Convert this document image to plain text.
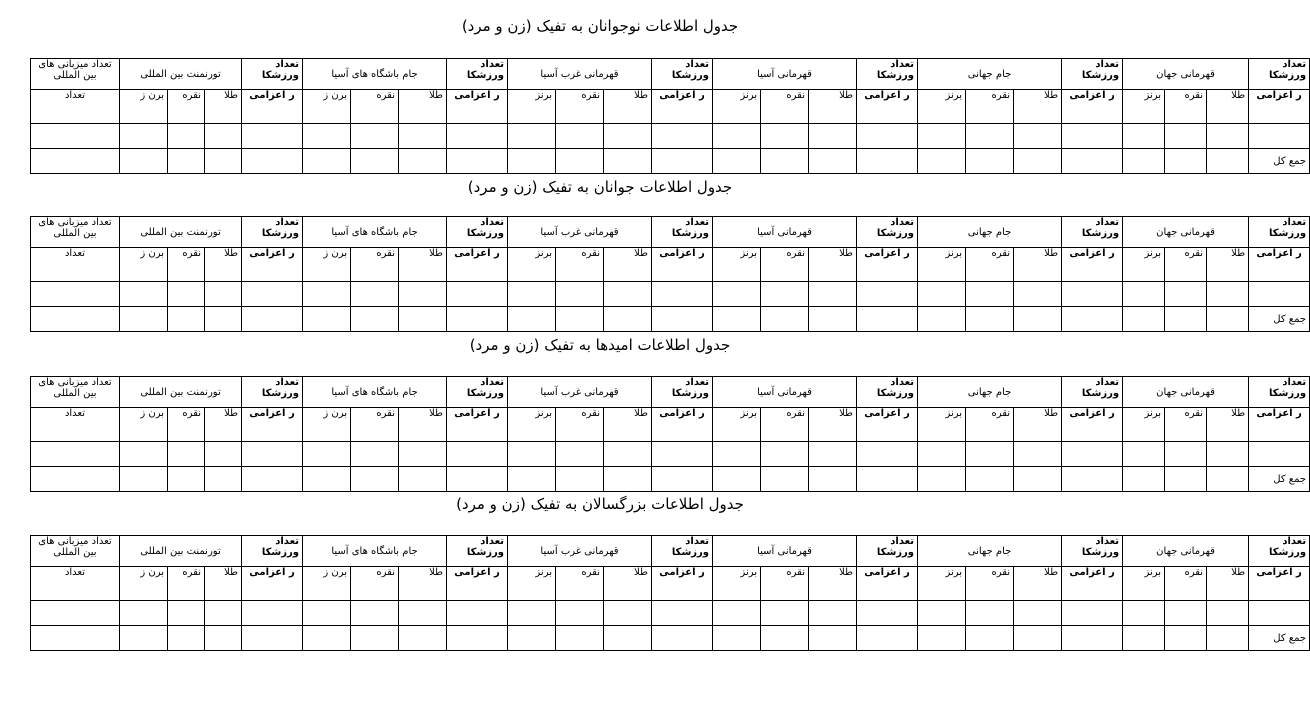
جدول اطلاعات نوجوانان به تفیک (زن و مرد)
تعداد ورزشکا	قهرمانی جهان			تعداد ورزشکا	جام جهانی			تعداد ورزشکا	قهرمانی آسیا			تعداد ورزشکا	قهرمانی غرب آسیا			تعداد ورزشکا	جام باشگاه های آسیا			تعداد ورزشکا	تورنمنت بین المللی			تعداد میزبانی های بین المللی
ر اعزامی	طلا	نقره	برنز	ر اعزامی	طلا	نقره	برنز	ر اعزامی	طلا	نقره	برنز	ر اعزامی	طلا	نقره	برنز	ر اعزامی	طلا	نقره	برن ز	ر اعزامی	طلا	نقره	برن ز	تعداد

جمع کل																								
جدول اطلاعات جوانان به تفیک (زن و مرد)
تعداد ورزشکا	قهرمانی جهان			تعداد ورزشکا	جام جهانی			تعداد ورزشکا	قهرمانی آسیا			تعداد ورزشکا	قهرمانی غرب آسیا			تعداد ورزشکا	جام باشگاه های آسیا			تعداد ورزشکا	تورنمنت بین المللی			تعداد میزبانی های بین المللی
ر اعزامی	طلا	نقره	برنز	ر اعزامی	طلا	نقره	برنز	ر اعزامی	طلا	نقره	برنز	ر اعزامی	طلا	نقره	برنز	ر اعزامی	طلا	نقره	برن ز	ر اعزامی	طلا	نقره	برن ز	تعداد

جمع کل																								
جدول اطلاعات امیدها به تفیک (زن و مرد)
تعداد ورزشکا	قهرمانی جهان			تعداد ورزشکا	جام جهانی			تعداد ورزشکا	قهرمانی آسیا			تعداد ورزشکا	قهرمانی غرب آسیا			تعداد ورزشکا	جام باشگاه های آسیا			تعداد ورزشکا	تورنمنت بین المللی			تعداد میزبانی های بین المللی
ر اعزامی	طلا	نقره	برنز	ر اعزامی	طلا	نقره	برنز	ر اعزامی	طلا	نقره	برنز	ر اعزامی	طلا	نقره	برنز	ر اعزامی	طلا	نقره	برن ز	ر اعزامی	طلا	نقره	برن ز	تعداد

جمع کل																								
جدول اطلاعات بزرگسالان به تفیک (زن و مرد)
تعداد ورزشکا	قهرمانی جهان			تعداد ورزشکا	جام جهانی			تعداد ورزشکا	قهرمانی آسیا			تعداد ورزشکا	قهرمانی غرب آسیا			تعداد ورزشکا	جام باشگاه های آسیا			تعداد ورزشکا	تورنمنت بین المللی			تعداد میزبانی های بین المللی
ر اعزامی	طلا	نقره	برنز	ر اعزامی	طلا	نقره	برنز	ر اعزامی	طلا	نقره	برنز	ر اعزامی	طلا	نقره	برنز	ر اعزامی	طلا	نقره	برن ز	ر اعزامی	طلا	نقره	برن ز	تعداد

جمع کل																								
